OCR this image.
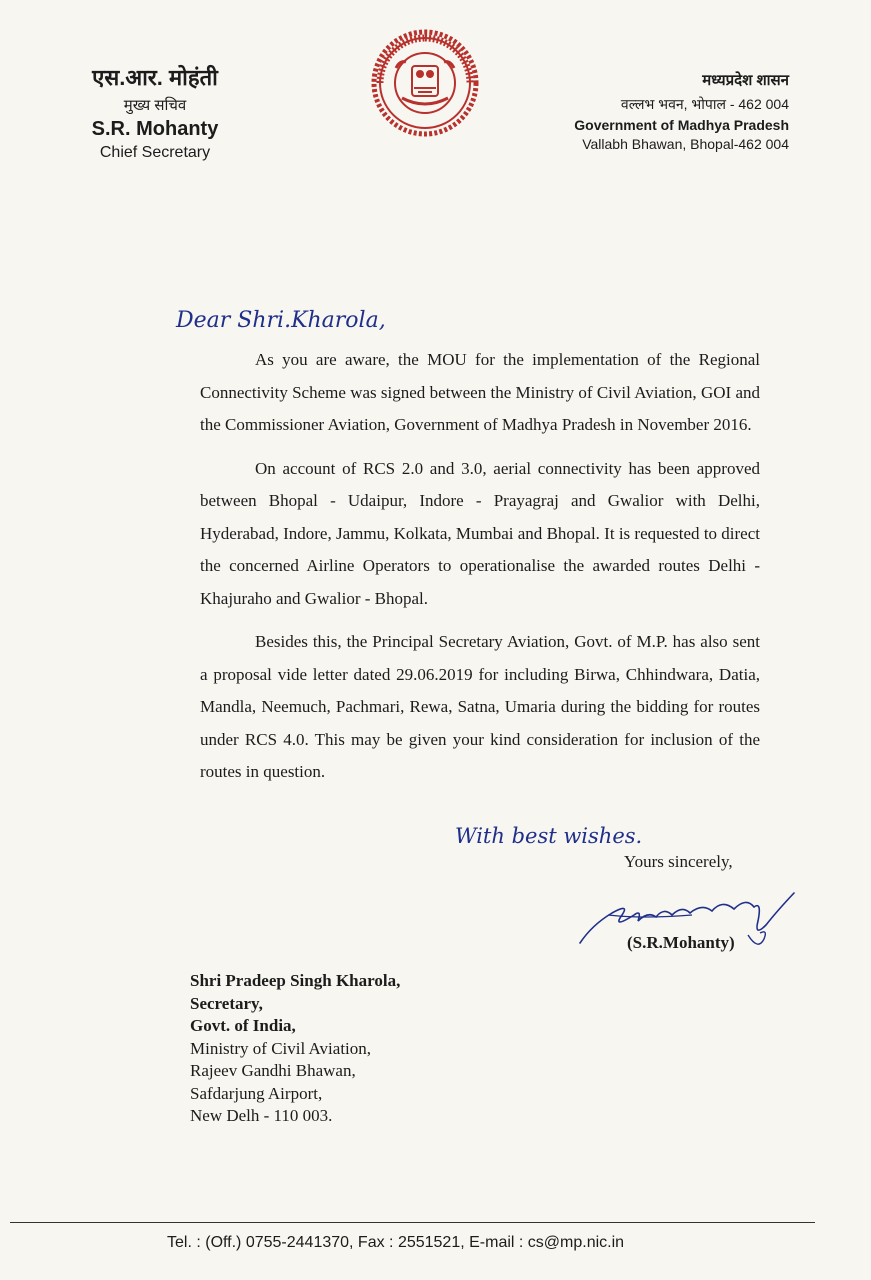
एस.आर. मोहंती
मुख्य सचिव
S.R. Mohanty
Chief Secretary
मध्यप्रदेश शासन
वल्लभ भवन, भोपाल - 462 004
Government of Madhya Pradesh
Vallabh Bhawan, Bhopal-462 004
Dear Shri.Kharola,

As you are aware, the MOU for the implementation of the Regional Connectivity Scheme was signed between the Ministry of Civil Aviation, GOI and the Commissioner Aviation, Government of Madhya Pradesh in November 2016.

On account of RCS 2.0 and 3.0, aerial connectivity has been approved between Bhopal - Udaipur, Indore - Prayagraj and Gwalior with Delhi, Hyderabad, Indore, Jammu, Kolkata, Mumbai and Bhopal. It is requested to direct the concerned Airline Operators to operationalise the awarded routes Delhi - Khajuraho and Gwalior - Bhopal.

Besides this, the Principal Secretary Aviation, Govt. of M.P. has also sent a proposal vide letter dated 29.06.2019 for including Birwa, Chhindwara, Datia, Mandla, Neemuch, Pachmari, Rewa, Satna, Umaria during the bidding for routes under RCS 4.0. This may be given your kind consideration for inclusion of the routes in question.

With best wishes.
Yours sincerely,
(S.R.Mohanty)
Shri Pradeep Singh Kharola,
Secretary,
Govt. of India,
Ministry of Civil Aviation,
Rajeev Gandhi Bhawan,
Safdarjung Airport,
New Delh - 110 003.
Tel. : (Off.) 0755-2441370, Fax : 2551521, E-mail : cs@mp.nic.in
